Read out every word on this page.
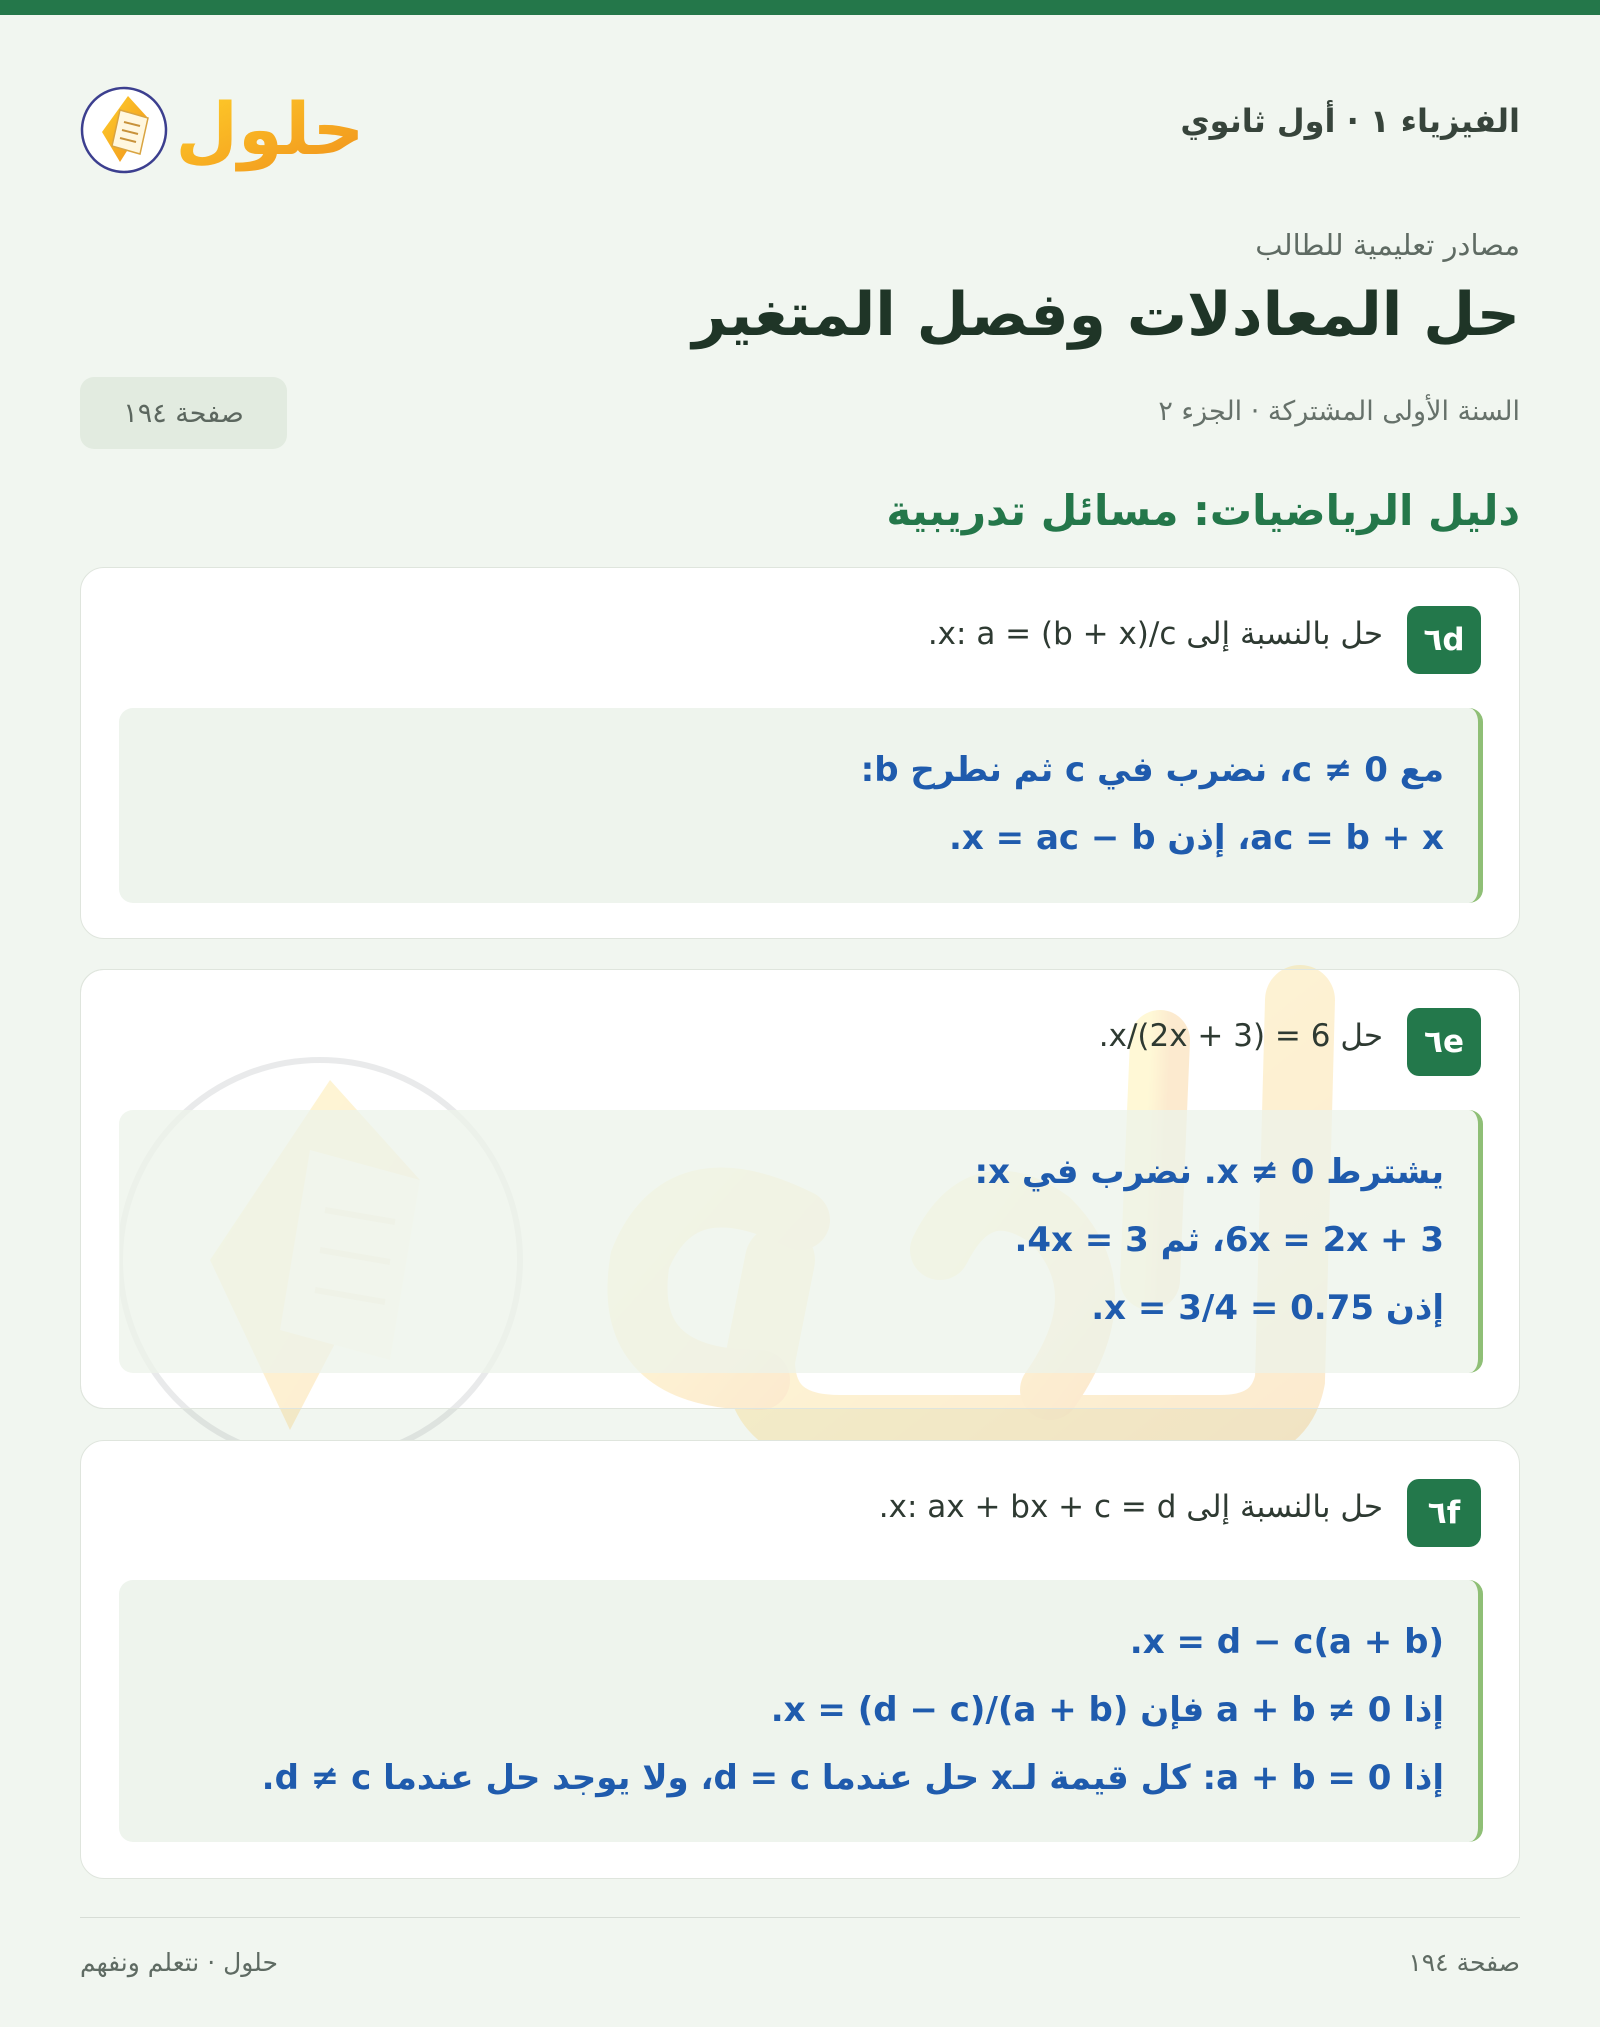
حلول	الفيزياء ١ · أول ثانوي
مصادر تعليمية للطالب
حل المعادلات وفصل المتغير
السنة الأولى المشتركة · الجزء ٢
صفحة ١٩٤
دليل الرياضيات: مسائل تدريبية
٦d
حل بالنسبة إلى x: a = (b + x)/c.
مع c ≠ 0، نضرب في c ثم نطرح b:
ac = b + x، إذن x = ac − b.
٦e
حل 6 = (2x + 3)/x.
يشترط x ≠ 0. نضرب في x:
6x = 2x + 3، ثم 4x = 3.
إذن x = 3/4 = 0.75.
٦f
حل بالنسبة إلى x: ax + bx + c = d.
(a + b)x = d − c.
إذا a + b ≠ 0 فإن x = (d − c)/(a + b).
إذا a + b = 0: كل قيمة لـx حل عندما d = c، ولا يوجد حل عندما d ≠ c.
حلول · نتعلم ونفهم	صفحة ١٩٤
